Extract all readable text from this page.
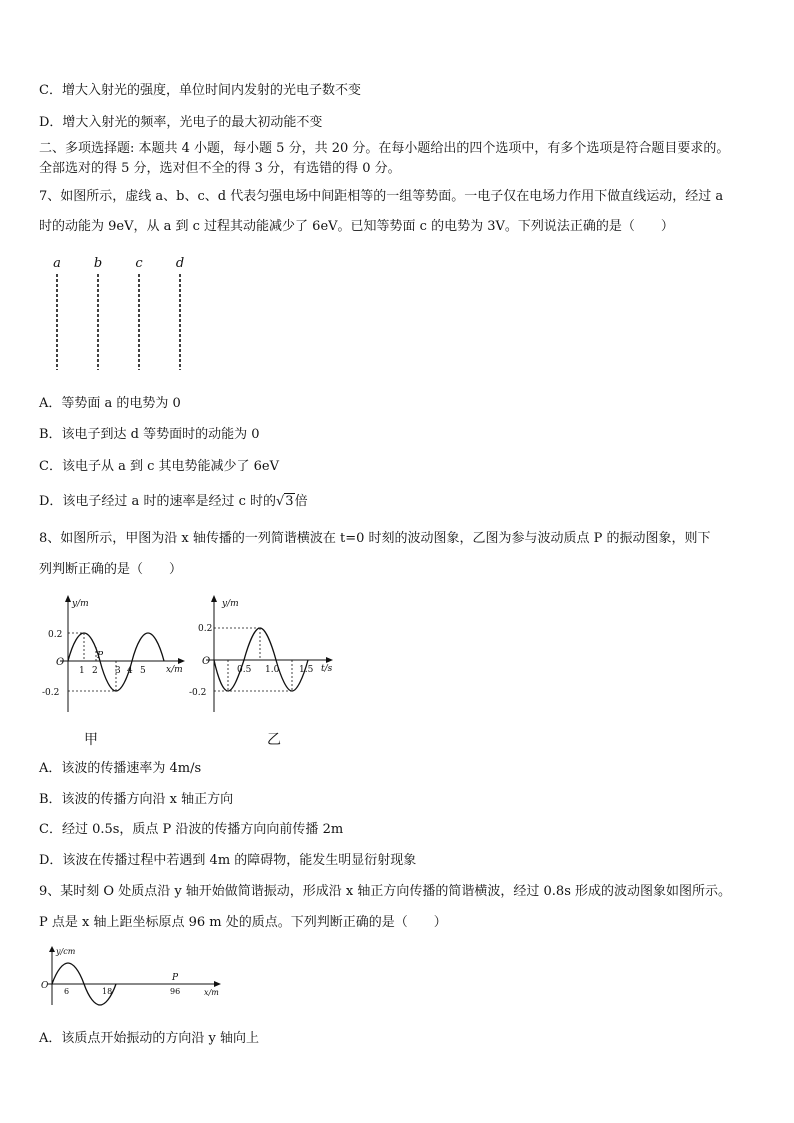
C．增大入射光的强度，单位时间内发射的光电子数不变
D．增大入射光的频率，光电子的最大初动能不变
二、多项选择题: 本题共 4 小题，每小题 5 分，共 20 分。在每小题给出的四个选项中，有多个选项是符合题目要求的。
全部选对的得 5 分，选对但不全的得 3 分，有选错的得 0 分。
7、如图所示，虚线 a、b、c、d 代表匀强电场中间距相等的一组等势面。一电子仅在电场力作用下做直线运动，经过 a
时的动能为 9eV，从 a 到 c 过程其动能减少了 6eV。已知等势面 c 的电势为 3V。下列说法正确的是（　　）
a	b	c	d
A．等势面 a 的电势为 0
B．该电子到达 d 等势面时的动能为 0
C．该电子从 a 到 c 其电势能减少了 6eV
D．该电子经过 a 时的速率是经过 c 时的√3倍
8、如图所示，甲图为沿 x 轴传播的一列简谐横波在 t=0 时刻的波动图象，乙图为参与波动质点 P 的振动图象，则下
列判断正确的是（　　）
y/m
x/m
O
0.2
-0.2
P
1 2 3 4 5
甲
y/m
t/s
O
0.2
-0.2
0.5 1.0 1.5
乙
A．该波的传播速率为 4m/s
B．该波的传播方向沿 x 轴正方向
C．经过 0.5s，质点 P 沿波的传播方向向前传播 2m
D．该波在传播过程中若遇到 4m 的障碍物，能发生明显衍射现象
9、某时刻 O 处质点沿 y 轴开始做简谐振动，形成沿 x 轴正方向传播的简谐横波，经过 0.8s 形成的波动图象如图所示。
P 点是 x 轴上距坐标原点 96 m 处的质点。下列判断正确的是（　　）
y/cm
x/m
O
6	18	96
P
A．该质点开始振动的方向沿 y 轴向上
